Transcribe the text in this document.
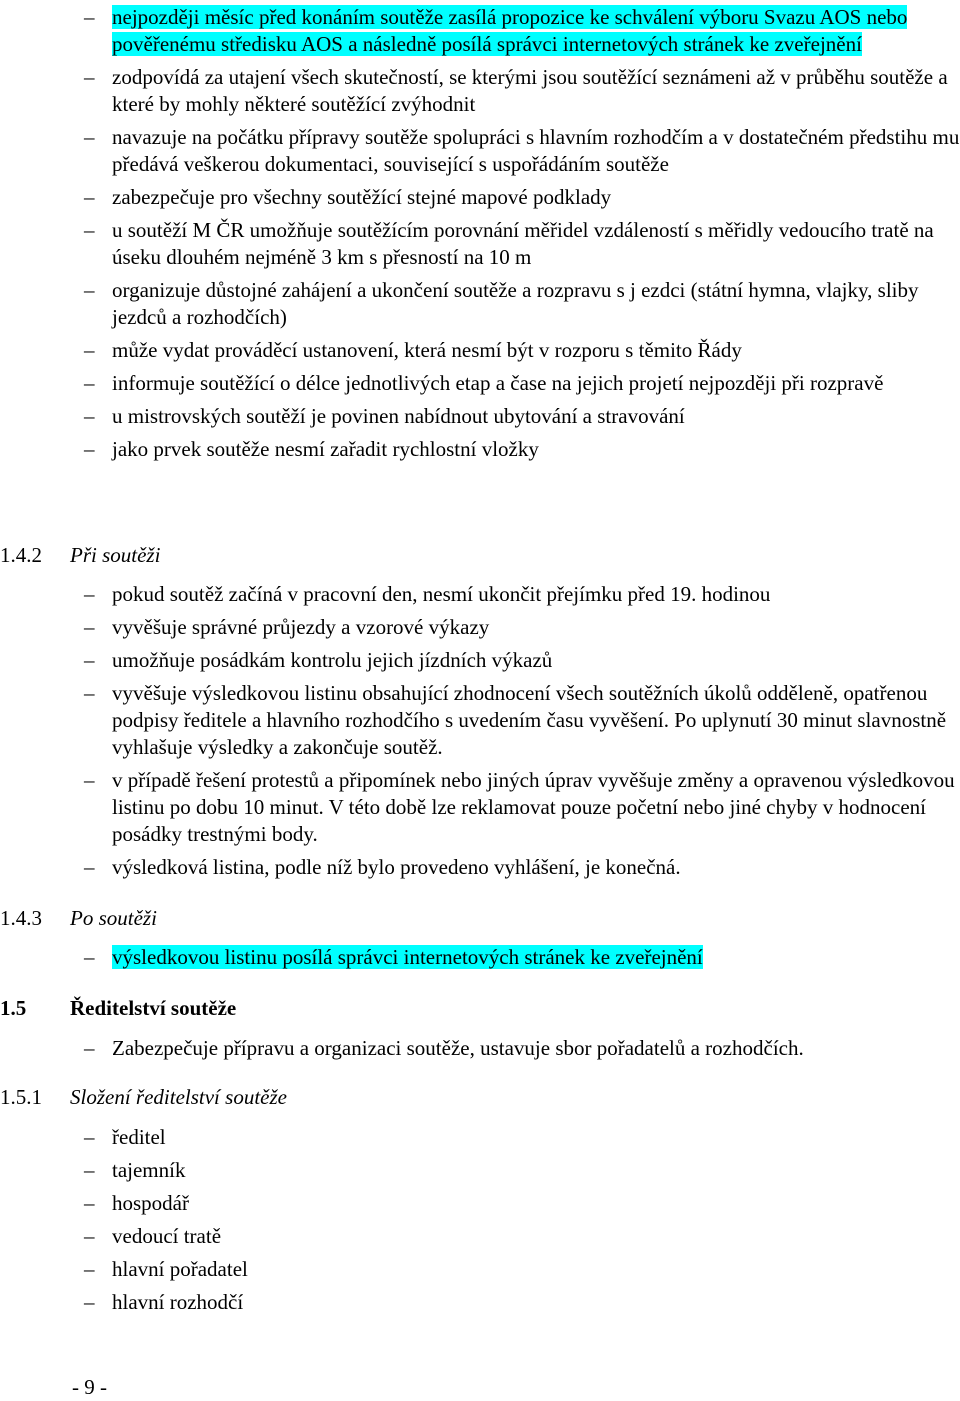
– nejpozději měsíc před konáním soutěže zasílá propozice ke schválení výboru Svazu AOS nebo pověřenému středisku AOS a následně posílá správci internetových stránek ke zveřejnění
– zodpovídá za utajení všech skutečností, se kterými jsou soutěžící seznámeni až v průběhu soutěže a které by mohly některé soutěžící zvýhodnit
– navazuje na počátku přípravy soutěže spolupráci s hlavním rozhodčím a v dostatečném předstihu mu předává veškerou dokumentaci, související s uspořádáním soutěže
– zabezpečuje pro všechny soutěžící stejné mapové podklady
– u soutěží M ČR umožňuje soutěžícím porovnání měřidel vzdáleností s měřidly vedoucího tratě na úseku dlouhém nejméně 3 km s přesností na 10 m
– organizuje důstojné zahájení a ukončení soutěže a rozpravu s j ezdci (státní hymna, vlajky, sliby jezdců a rozhodčích)
– může vydat prováděcí ustanovení, která nesmí být v rozporu s těmito Řády
– informuje soutěžící o délce jednotlivých etap a čase na jejich projetí nejpozději při rozpravě
– u mistrovských soutěží je povinen nabídnout ubytování a stravování
– jako prvek soutěže nesmí zařadit rychlostní vložky
1.4.2 Při soutěži
– pokud soutěž začíná v pracovní den, nesmí ukončit přejímku před 19. hodinou
– vyvěšuje správné průjezdy a vzorové výkazy
– umožňuje posádkám kontrolu jejich jízdních výkazů
– vyvěšuje výsledkovou listinu obsahující zhodnocení všech soutěžních úkolů odděleně, opatřenou podpisy ředitele a hlavního rozhodčího s uvedením času vyvěšení. Po uplynutí 30 minut slavnostně vyhlašuje výsledky a zakončuje soutěž.
– v případě řešení protestů a připomínek nebo jiných úprav vyvěšuje změny a opravenou výsledkovou listinu po dobu 10 minut. V této době lze reklamovat pouze početní nebo jiné chyby v hodnocení posádky trestnými body.
– výsledková listina, podle níž bylo provedeno vyhlášení, je konečná.
1.4.3 Po soutěži
– výsledkovou listinu posílá správci internetových stránek ke zveřejnění
1.5 Ředitelství soutěže
– Zabezpečuje přípravu a organizaci soutěže, ustavuje sbor pořadatelů a rozhodčích.
1.5.1 Složení ředitelství soutěže
– ředitel
– tajemník
– hospodář
– vedoucí tratě
– hlavní pořadatel
– hlavní rozhodčí
- 9 -
